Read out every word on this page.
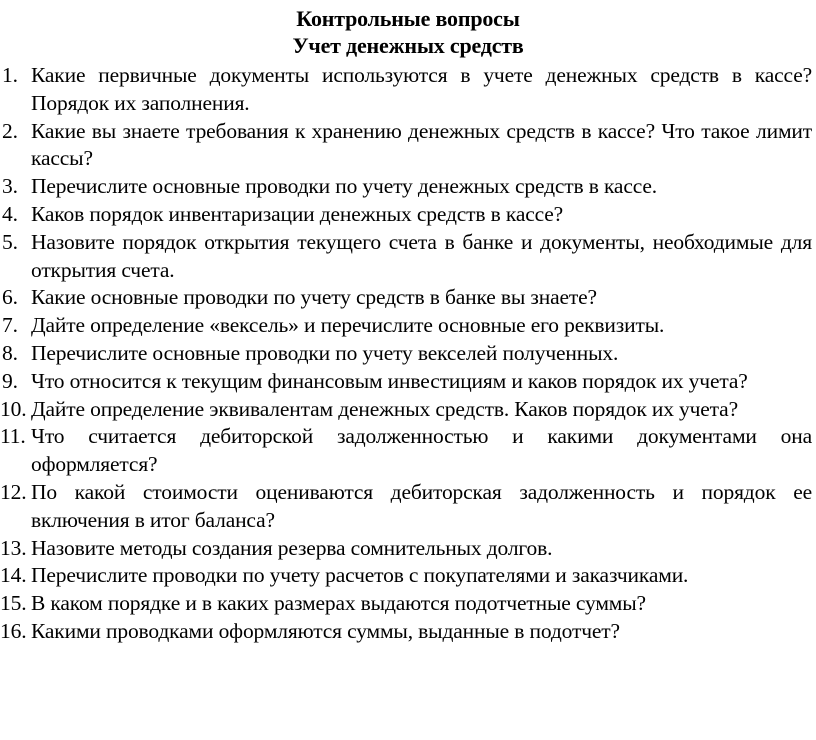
Контрольные вопросы
Учет денежных средств
1. Какие первичные документы используются в учете денежных средств в кассе? Порядок их заполнения.
2. Какие вы знаете требования к хранению денежных средств в кассе? Что такое лимит кассы?
3. Перечислите основные проводки по учету денежных средств в кассе.
4. Каков порядок инвентаризации денежных средств в кассе?
5. Назовите порядок открытия текущего счета в банке и документы, необходимые для открытия счета.
6. Какие основные проводки по учету средств в банке вы знаете?
7. Дайте определение «вексель» и перечислите основные его реквизиты.
8. Перечислите основные проводки по учету векселей полученных.
9. Что относится к текущим финансовым инвестициям и каков порядок их учета?
10. Дайте определение эквивалентам денежных средств. Каков порядок их учета?
11. Что считается дебиторской задолженностью и какими документами она оформляется?
12. По какой стоимости оцениваются дебиторская задолженность и порядок ее включения в итог баланса?
13. Назовите методы создания резерва сомнительных долгов.
14. Перечислите проводки по учету расчетов с покупателями и заказчиками.
15. В каком порядке и в каких размерах выдаются подотчетные суммы?
16. Какими проводками оформляются суммы, выданные в подотчет?
